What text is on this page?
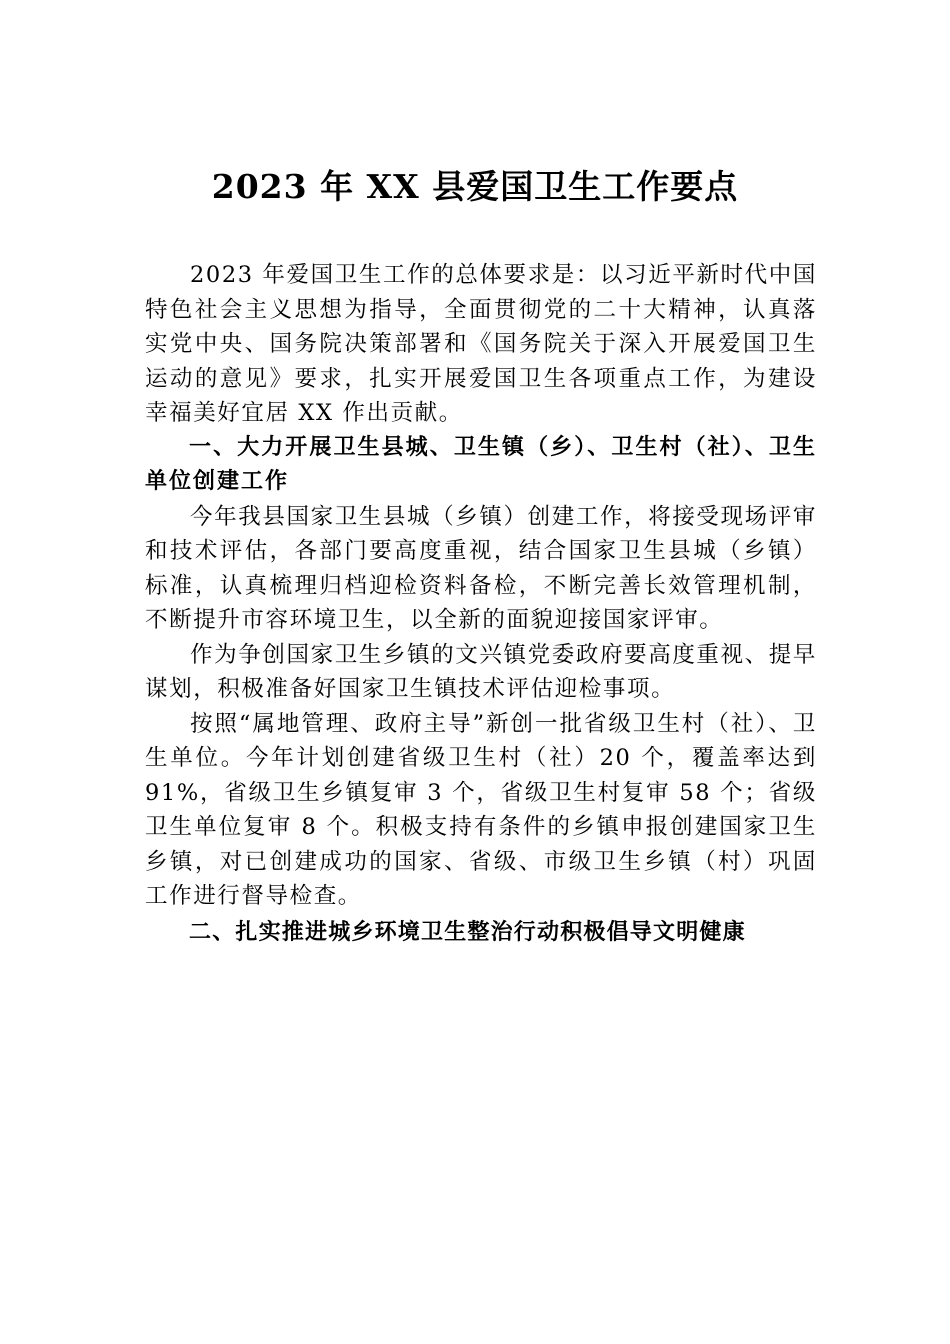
2023 年 XX 县爱国卫生工作要点

2023 年爱国卫生工作的总体要求是：以习近平新时代中国特色社会主义思想为指导，全面贯彻党的二十大精神，认真落实党中央、国务院决策部署和《国务院关于深入开展爱国卫生运动的意见》要求，扎实开展爱国卫生各项重点工作，为建设幸福美好宜居 XX 作出贡献。

一、大力开展卫生县城、卫生镇（乡）、卫生村（社）、卫生单位创建工作

今年我县国家卫生县城（乡镇）创建工作，将接受现场评审和技术评估，各部门要高度重视，结合国家卫生县城（乡镇）标准，认真梳理归档迎检资料备检，不断完善长效管理机制，不断提升市容环境卫生，以全新的面貌迎接国家评审。

作为争创国家卫生乡镇的文兴镇党委政府要高度重视、提早谋划，积极准备好国家卫生镇技术评估迎检事项。

按照“属地管理、政府主导”新创一批省级卫生村（社）、卫生单位。今年计划创建省级卫生村（社）20 个，覆盖率达到 91%，省级卫生乡镇复审 3 个，省级卫生村复审 58 个；省级卫生单位复审 8 个。积极支持有条件的乡镇申报创建国家卫生乡镇，对已创建成功的国家、省级、市级卫生乡镇（村）巩固工作进行督导检查。

二、扎实推进城乡环境卫生整治行动积极倡导文明健康
